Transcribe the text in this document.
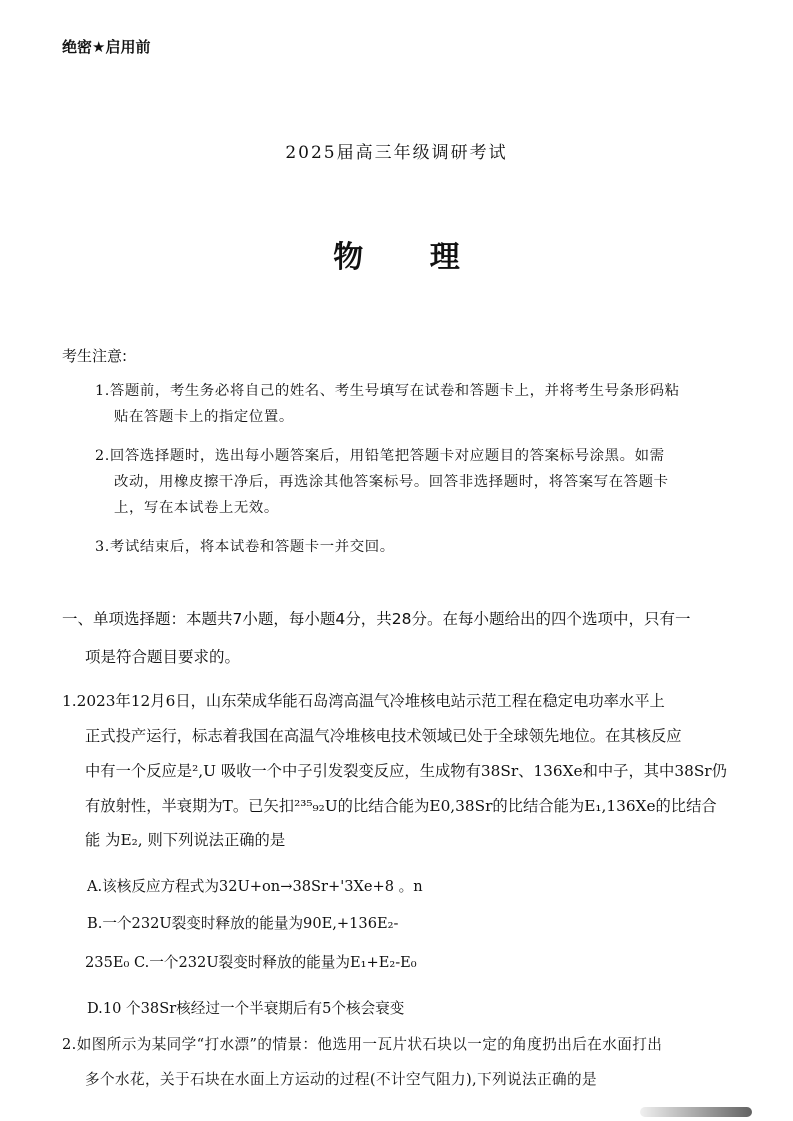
绝密★启用前
2025届高三年级调研考试
物 理
考生注意:
1.答题前，考生务必将自己的姓名、考生号填写在试卷和答题卡上，并将考生号条形码粘
贴在答题卡上的指定位置。
2.回答选择题时，选出每小题答案后，用铅笔把答题卡对应题目的答案标号涂黑。如需
改动，用橡皮擦干净后，再选涂其他答案标号。回答非选择题时，将答案写在答题卡
上，写在本试卷上无效。
3.考试结束后，将本试卷和答题卡一并交回。
一、单项选择题：本题共7小题，每小题4分，共28分。在每小题给出的四个选项中，只有一
项是符合题目要求的。
1.2023年12月6日，山东荣成华能石岛湾高温气冷堆核电站示范工程在稳定电功率水平上
正式投产运行，标志着我国在高温气冷堆核电技术领域已处于全球领先地位。在其核反应
中有一个反应是²,U 吸收一个中子引发裂变反应，生成物有38Sr、136Xe和中子，其中38Sr仍
有放射性，半衰期为T。已矢扣²³⁵₉₂U的比结合能为E0,38Sr的比结合能为E₁,136Xe的比结合
能 为E₂, 则下列说法正确的是
A.该核反应方程式为32U+on→38Sr+'3Xe+8 。n
B.一个232U裂变时释放的能量为90E,+136E₂-
235E₀ C.一个232U裂变时释放的能量为E₁+E₂-E₀
D.10 个38Sr核经过一个半衰期后有5个核会衰变
2.如图所示为某同学“打水漂”的情景：他选用一瓦片状石块以一定的角度扔出后在水面打出
多个水花，关于石块在水面上方运动的过程(不计空气阻力),下列说法正确的是
